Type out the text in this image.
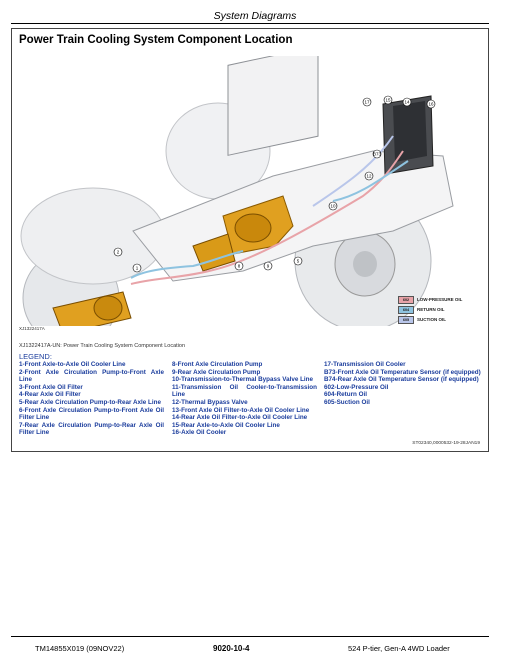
System Diagrams
Power Train Cooling System Component Location
17	15	14	16
2
1	8	9
5
B73
12
10
602 LOW-PRESSURE OIL
604 RETURN OIL
605 SUCTION OIL
XJ1322417A
XJ1322417A-UN: Power Train Cooling System Component Location
LEGEND:
1-Front Axle-to-Axle Oil Cooler Line
2-Front Axle Circulation Pump-to-Front Axle Line
3-Front Axle Oil Filter
4-Rear Axle Oil Filter
5-Rear Axle Circulation Pump-to-Rear Axle Line
6-Front Axle Circulation Pump-to-Front Axle Oil Filter Line
7-Rear Axle Circulation Pump-to-Rear Axle Oil Filter Line
8-Front Axle Circulation Pump
9-Rear Axle Circulation Pump
10-Transmission-to-Thermal Bypass Valve Line
11-Transmission Oil Cooler-to-Transmission Line
12-Thermal Bypass Valve
13-Front Axle Oil Filter-to-Axle Oil Cooler Line
14-Rear Axle Oil Filter-to-Axle Oil Cooler Line
15-Rear Axle-to-Axle Oil Cooler Line
16-Axle Oil Cooler
17-Transmission Oil Cooler
B73-Front Axle Oil Temperature Sensor (if equipped)
B74-Rear Axle Oil Temperature Sensor (if equipped)
602-Low-Pressure Oil
604-Return Oil
605-Suction Oil
ST02340,0000532-19-28JAN19
TM14855X019 (09NOV22)	9020-10-4	524 P-tier, Gen-A 4WD Loader
